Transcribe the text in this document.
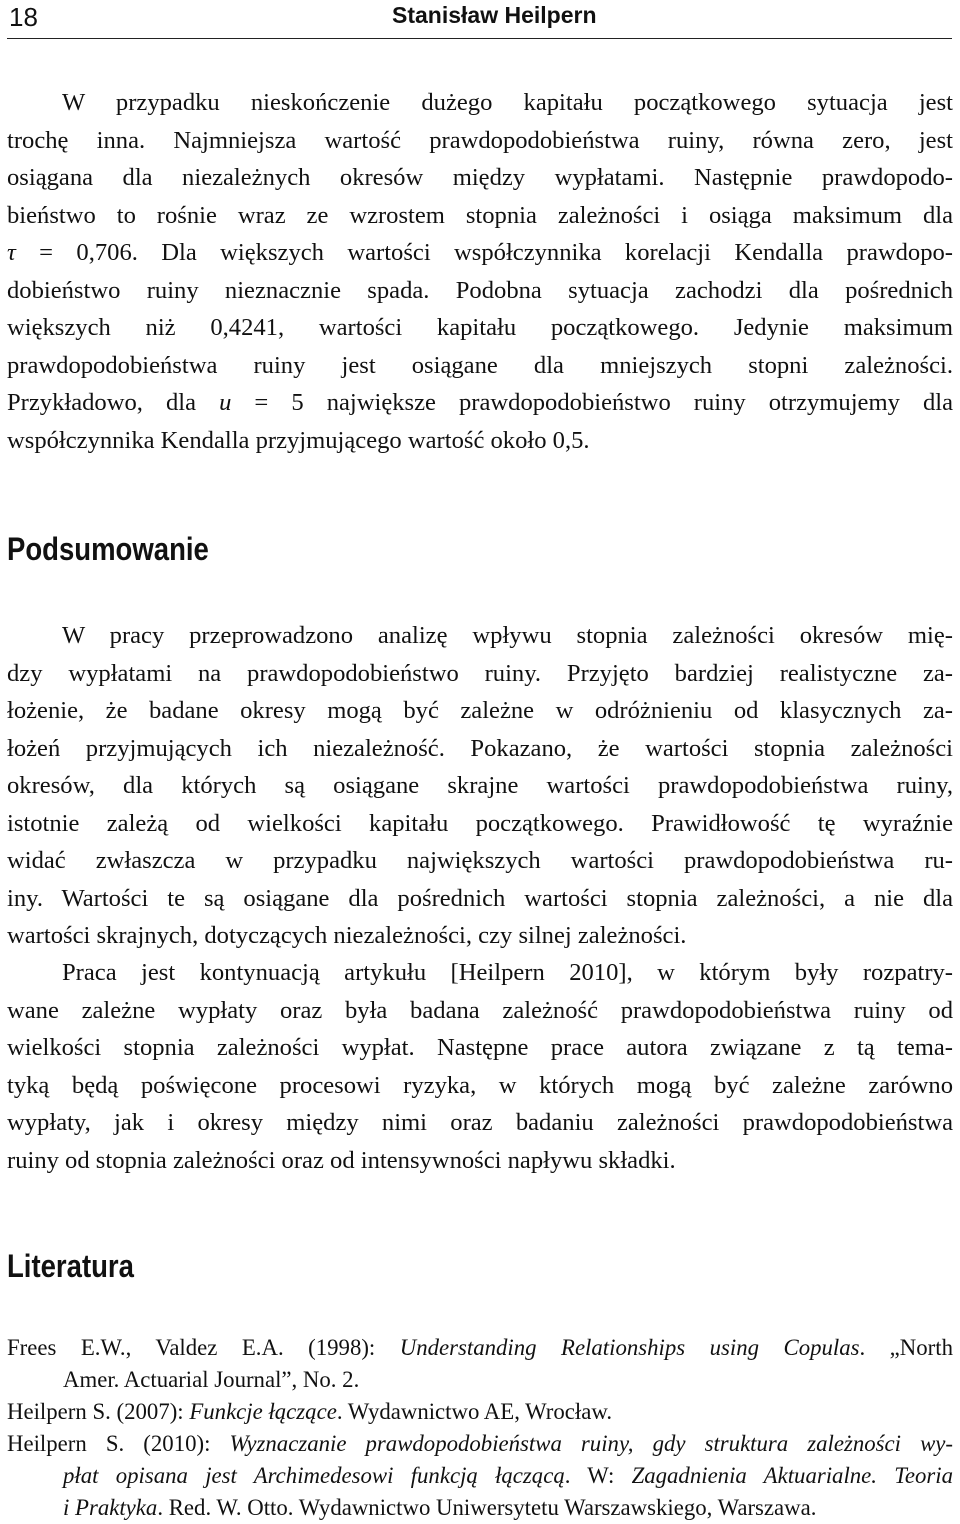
18	Stanisław Heilpern
W przypadku nieskończenie dużego kapitału początkowego sytuacja jest
trochę inna. Najmniejsza wartość prawdopodobieństwa ruiny, równa zero, jest
osiągana dla niezależnych okresów między wypłatami. Następnie prawdopodo-
bieństwo to rośnie wraz ze wzrostem stopnia zależności i osiąga maksimum dla
τ = 0,706. Dla większych wartości współczynnika korelacji Kendalla prawdopo-
dobieństwo ruiny nieznacznie spada. Podobna sytuacja zachodzi dla pośrednich
większych niż 0,4241, wartości kapitału początkowego. Jedynie maksimum
prawdopodobieństwa ruiny jest osiągane dla mniejszych stopni zależności.
Przykładowo, dla u = 5 największe prawdopodobieństwo ruiny otrzymujemy dla
współczynnika Kendalla przyjmującego wartość około 0,5.
Podsumowanie
W pracy przeprowadzono analizę wpływu stopnia zależności okresów mię-
dzy wypłatami na prawdopodobieństwo ruiny. Przyjęto bardziej realistyczne za-
łożenie, że badane okresy mogą być zależne w odróżnieniu od klasycznych za-
łożeń przyjmujących ich niezależność. Pokazano, że wartości stopnia zależności
okresów, dla których są osiągane skrajne wartości prawdopodobieństwa ruiny,
istotnie zależą od wielkości kapitału początkowego. Prawidłowość tę wyraźnie
widać zwłaszcza w przypadku największych wartości prawdopodobieństwa ru-
iny. Wartości te są osiągane dla pośrednich wartości stopnia zależności, a nie dla
wartości skrajnych, dotyczących niezależności, czy silnej zależności.
Praca jest kontynuacją artykułu [Heilpern 2010], w którym były rozpatry-
wane zależne wypłaty oraz była badana zależność prawdopodobieństwa ruiny od
wielkości stopnia zależności wypłat. Następne prace autora związane z tą tema-
tyką będą poświęcone procesowi ryzyka, w których mogą być zależne zarówno
wypłaty, jak i okresy między nimi oraz badaniu zależności prawdopodobieństwa
ruiny od stopnia zależności oraz od intensywności napływu składki.
Literatura
Frees E.W., Valdez E.A. (1998): Understanding Relationships using Copulas. „North
Amer. Actuarial Journal”, No. 2.
Heilpern S. (2007): Funkcje łączące. Wydawnictwo AE, Wrocław.
Heilpern S. (2010): Wyznaczanie prawdopodobieństwa ruiny, gdy struktura zależności wy-
płat opisana jest Archimedesowi funkcją łączącą. W: Zagadnienia Aktuarialne. Teoria
i Praktyka. Red. W. Otto. Wydawnictwo Uniwersytetu Warszawskiego, Warszawa.
